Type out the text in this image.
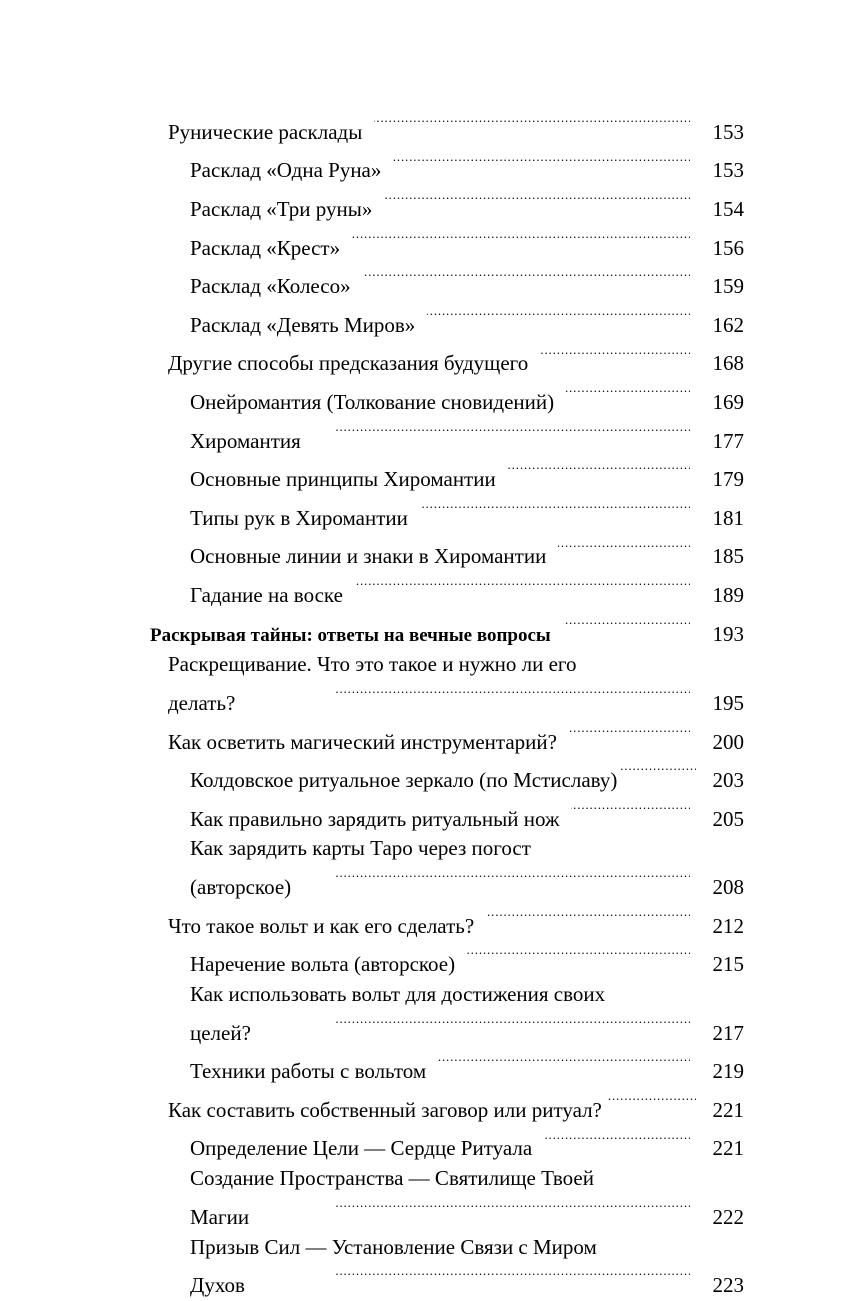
Рунические расклады . . .	153
Расклад «Одна Руна» . . .	153
Расклад «Три руны» . . .	154
Расклад «Крест» . . .	156
Расклад «Колесо» . . .	159
Расклад «Девять Миров» . . .	162
Другие способы предсказания будущего . . .	168
Онейромантия (Толкование сновидений) . . .	169
Хиромантия . . .	177
Основные принципы Хиромантии . . .	179
Типы рук в Хиромантии . . .	181
Основные линии и знаки в Хиромантии . . .	185
Гадание на воске . . .	189
Раскрывая тайны: ответы на вечные вопросы . . .	193
Раскрещивание. Что это такое и нужно ли его
делать? . . .	195
Как осветить магический инструментарий? . . .	200
Колдовское ритуальное зеркало (по Мстиславу) . . .	203
Как правильно зарядить ритуальный нож . . .	205
Как зарядить карты Таро через погост
(авторское) . . .	208
Что такое вольт и как его сделать? . . .	212
Наречение вольта (авторское) . . .	215
Как использовать вольт для достижения своих
целей? . . .	217
Техники работы с вольтом . . .	219
Как составить собственный заговор или ритуал? . . .	221
Определение Цели — Сердце Ритуала . . .	221
Создание Пространства — Святилище Твоей
Магии . . .	222
Призыв Сил — Установление Связи с Миром
Духов . . .	223
